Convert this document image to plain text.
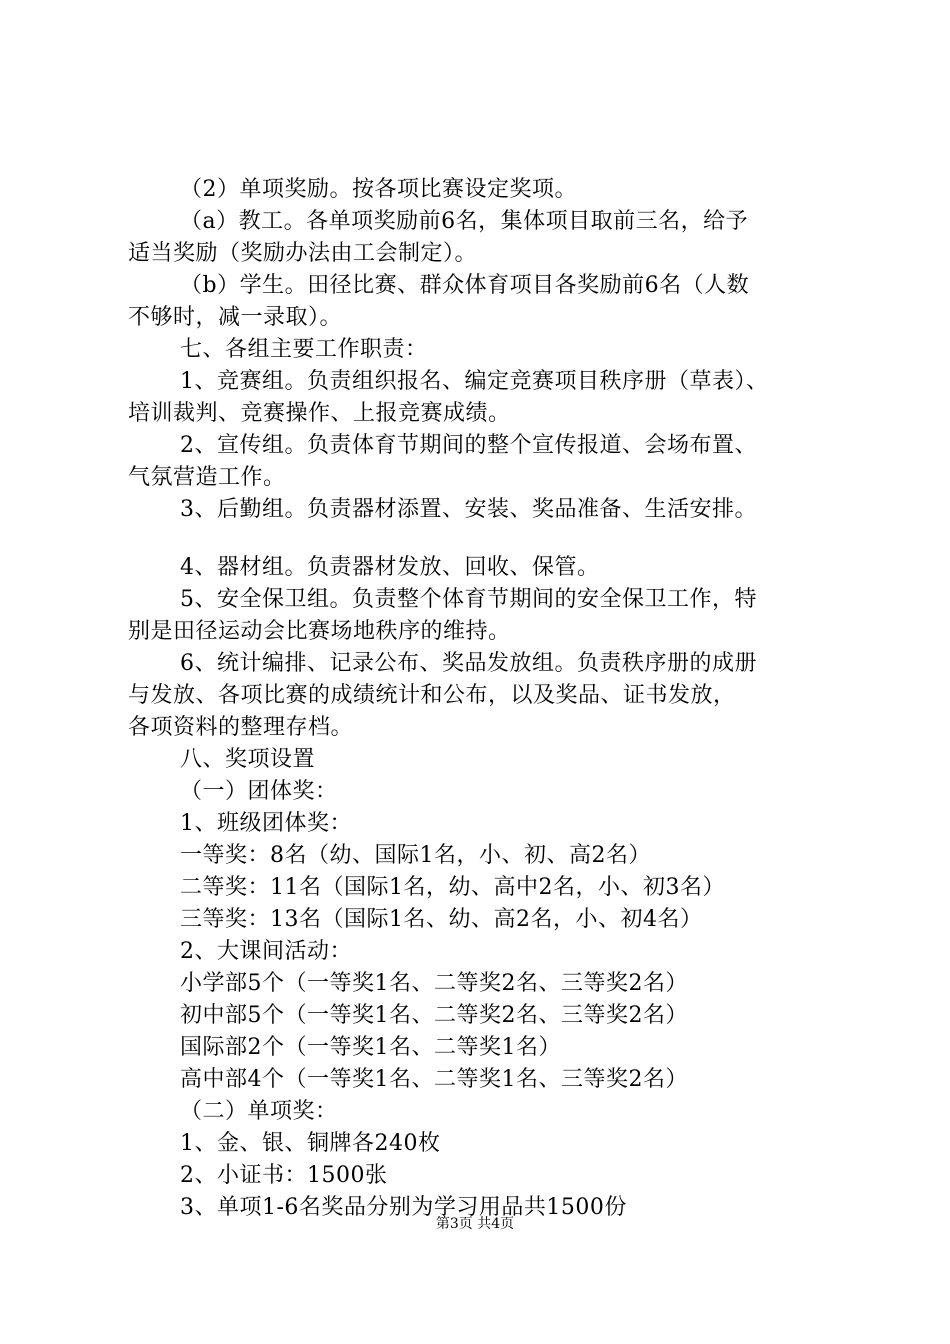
（2）单项奖励。按各项比赛设定奖项。
（a）教工。各单项奖励前6名，集体项目取前三名，给予
适当奖励（奖励办法由工会制定）。
（b）学生。田径比赛、群众体育项目各奖励前6名（人数
不够时，减一录取）。
七、各组主要工作职责：
1、竞赛组。负责组织报名、编定竞赛项目秩序册（草表）、
培训裁判、竞赛操作、上报竞赛成绩。
2、宣传组。负责体育节期间的整个宣传报道、会场布置、
气氛营造工作。
3、后勤组。负责器材添置、安装、奖品准备、生活安排。
4、器材组。负责器材发放、回收、保管。
5、安全保卫组。负责整个体育节期间的安全保卫工作，特
别是田径运动会比赛场地秩序的维持。
6、统计编排、记录公布、奖品发放组。负责秩序册的成册
与发放、各项比赛的成绩统计和公布，以及奖品、证书发放，
各项资料的整理存档。
八、奖项设置
（一）团体奖：
1、班级团体奖：
一等奖：8名（幼、国际1名，小、初、高2名）
二等奖：11名（国际1名，幼、高中2名，小、初3名）
三等奖：13名（国际1名、幼、高2名，小、初4名）
2、大课间活动：
小学部5个（一等奖1名、二等奖2名、三等奖2名）
初中部5个（一等奖1名、二等奖2名、三等奖2名）
国际部2个（一等奖1名、二等奖1名）
高中部4个（一等奖1名、二等奖1名、三等奖2名）
（二）单项奖：
1、金、银、铜牌各240枚
2、小证书：1500张
3、单项1-6名奖品分别为学习用品共1500份
第3页 共4页
